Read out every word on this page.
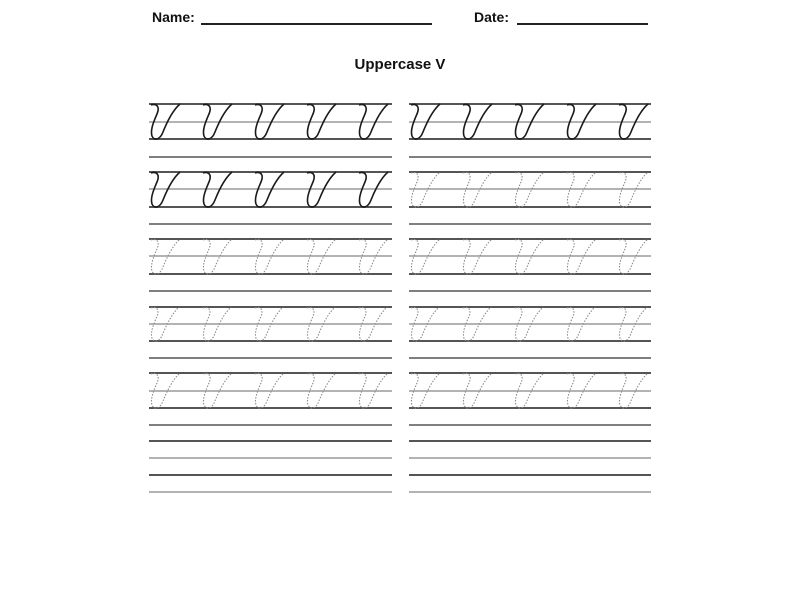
Name:	Date:
Uppercase V
